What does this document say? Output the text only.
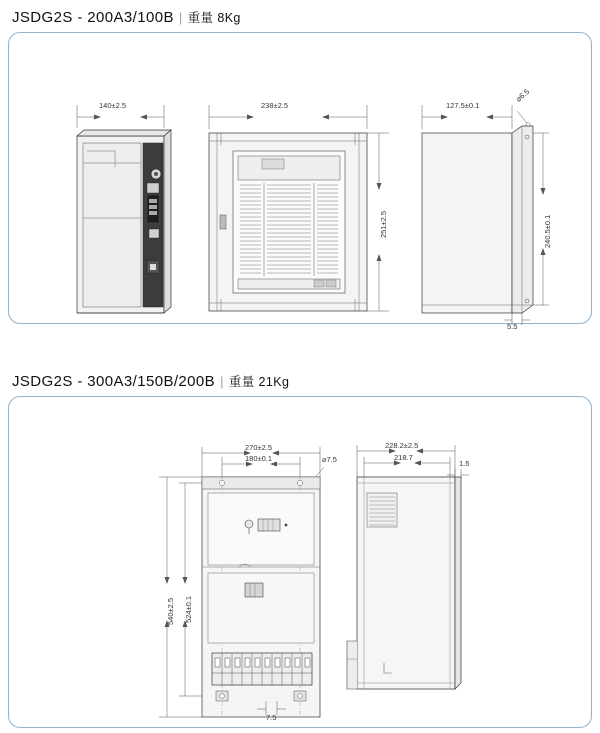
JSDG2S - 200A3/100B | 重量 8Kg
140±2.5	238±2.5	127.5±0.1
⌀6.5
251±2.5	240.5±0.1
5.5
JSDG2S - 300A3/150B/200B | 重量 21Kg
270±2.5
180±0.1	⌀7.5
228.2±2.5
218.7
1.5
540±2.5 524±0.1
7.5
